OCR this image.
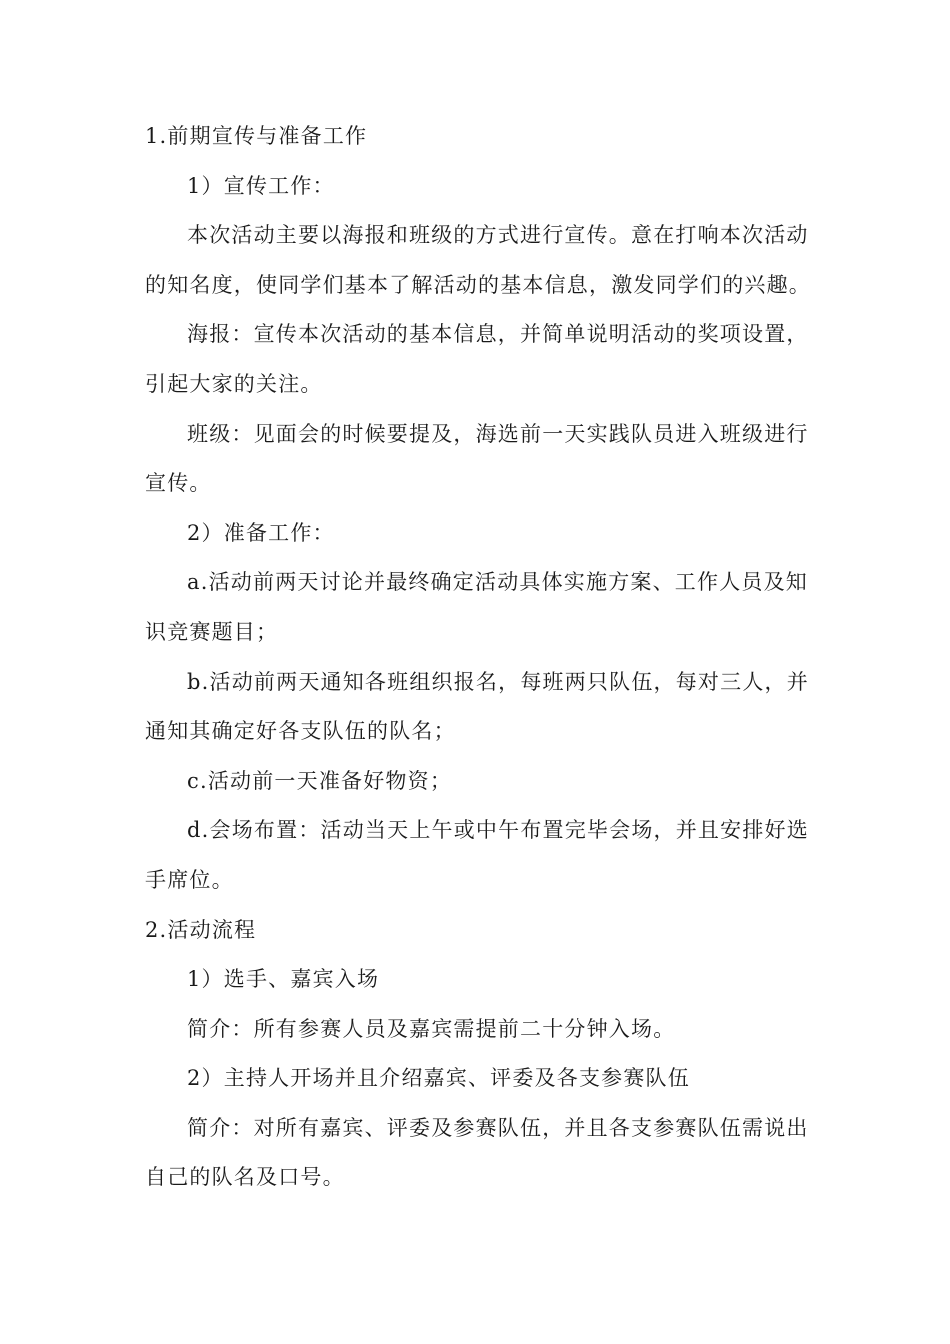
1.前期宣传与准备工作
1）宣传工作：
本次活动主要以海报和班级的方式进行宣传。意在打响本次活动
的知名度，使同学们基本了解活动的基本信息，激发同学们的兴趣。
海报：宣传本次活动的基本信息，并简单说明活动的奖项设置，
引起大家的关注。
班级：见面会的时候要提及，海选前一天实践队员进入班级进行
宣传。
2）准备工作：
a.活动前两天讨论并最终确定活动具体实施方案、工作人员及知
识竞赛题目；
b.活动前两天通知各班组织报名，每班两只队伍，每对三人，并
通知其确定好各支队伍的队名；
c.活动前一天准备好物资；
d.会场布置：活动当天上午或中午布置完毕会场，并且安排好选
手席位。
2.活动流程
1）选手、嘉宾入场
简介：所有参赛人员及嘉宾需提前二十分钟入场。
2）主持人开场并且介绍嘉宾、评委及各支参赛队伍
简介：对所有嘉宾、评委及参赛队伍，并且各支参赛队伍需说出
自己的队名及口号。
